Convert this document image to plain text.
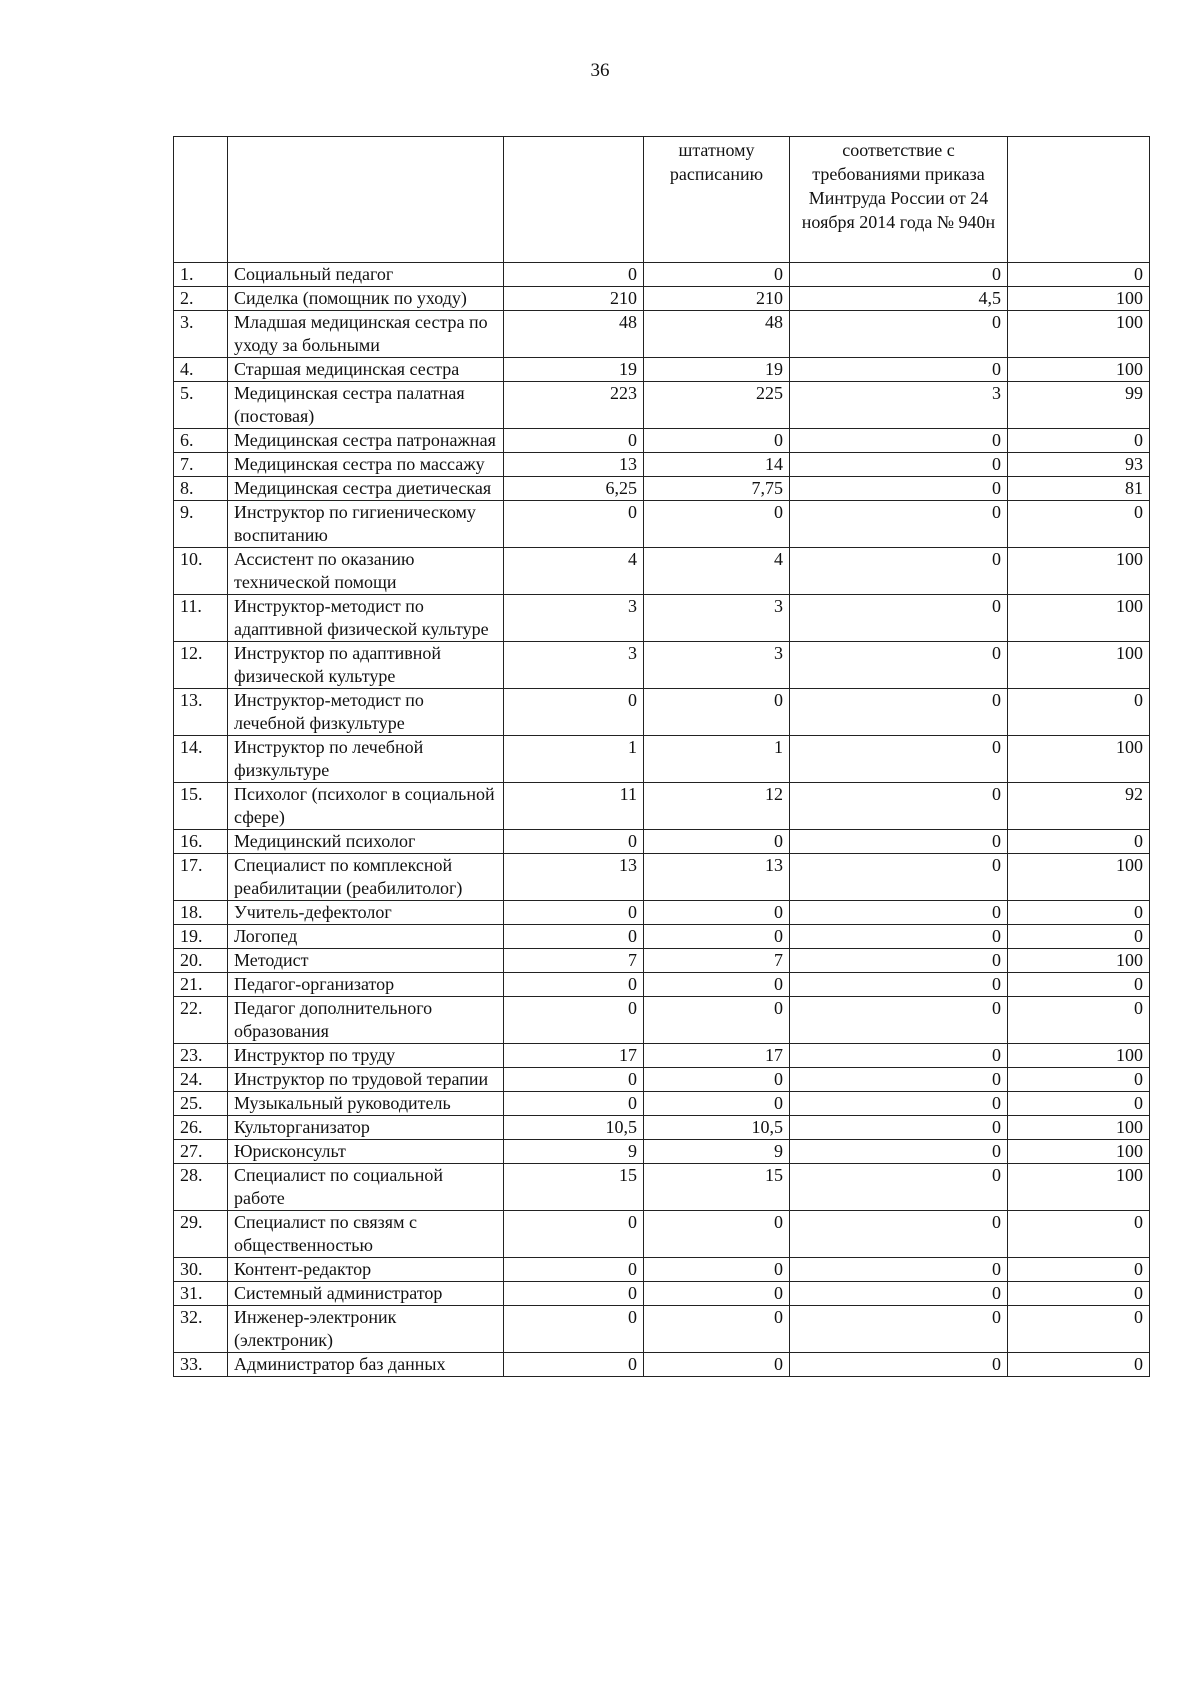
36
			штатному расписанию	соответствие с требованиями приказа Минтруда России от 24 ноября 2014 года № 940н	
1.	Социальный педагог	0	0	0	0
2.	Сиделка (помощник по уходу)	210	210	4,5	100
3.	Младшая медицинская сестра по уходу за больными	48	48	0	100
4.	Старшая медицинская сестра	19	19	0	100
5.	Медицинская сестра палатная (постовая)	223	225	3	99
6.	Медицинская сестра патронажная	0	0	0	0
7.	Медицинская сестра по массажу	13	14	0	93
8.	Медицинская сестра диетическая	6,25	7,75	0	81
9.	Инструктор по гигиеническому воспитанию	0	0	0	0
10.	Ассистент по оказанию технической помощи	4	4	0	100
11.	Инструктор-методист по адаптивной физической культуре	3	3	0	100
12.	Инструктор по адаптивной физической культуре	3	3	0	100
13.	Инструктор-методист по лечебной физкультуре	0	0	0	0
14.	Инструктор по лечебной физкультуре	1	1	0	100
15.	Психолог (психолог в социальной сфере)	11	12	0	92
16.	Медицинский психолог	0	0	0	0
17.	Специалист по комплексной реабилитации (реабилитолог)	13	13	0	100
18.	Учитель-дефектолог	0	0	0	0
19.	Логопед	0	0	0	0
20.	Методист	7	7	0	100
21.	Педагог-организатор	0	0	0	0
22.	Педагог дополнительного образования	0	0	0	0
23.	Инструктор по труду	17	17	0	100
24.	Инструктор по трудовой терапии	0	0	0	0
25.	Музыкальный руководитель	0	0	0	0
26.	Культорганизатор	10,5	10,5	0	100
27.	Юрисконсульт	9	9	0	100
28.	Специалист по социальной работе	15	15	0	100
29.	Специалист по связям с общественностью	0	0	0	0
30.	Контент-редактор	0	0	0	0
31.	Системный администратор	0	0	0	0
32.	Инженер-электроник (электроник)	0	0	0	0
33.	Администратор баз данных	0	0	0	0
